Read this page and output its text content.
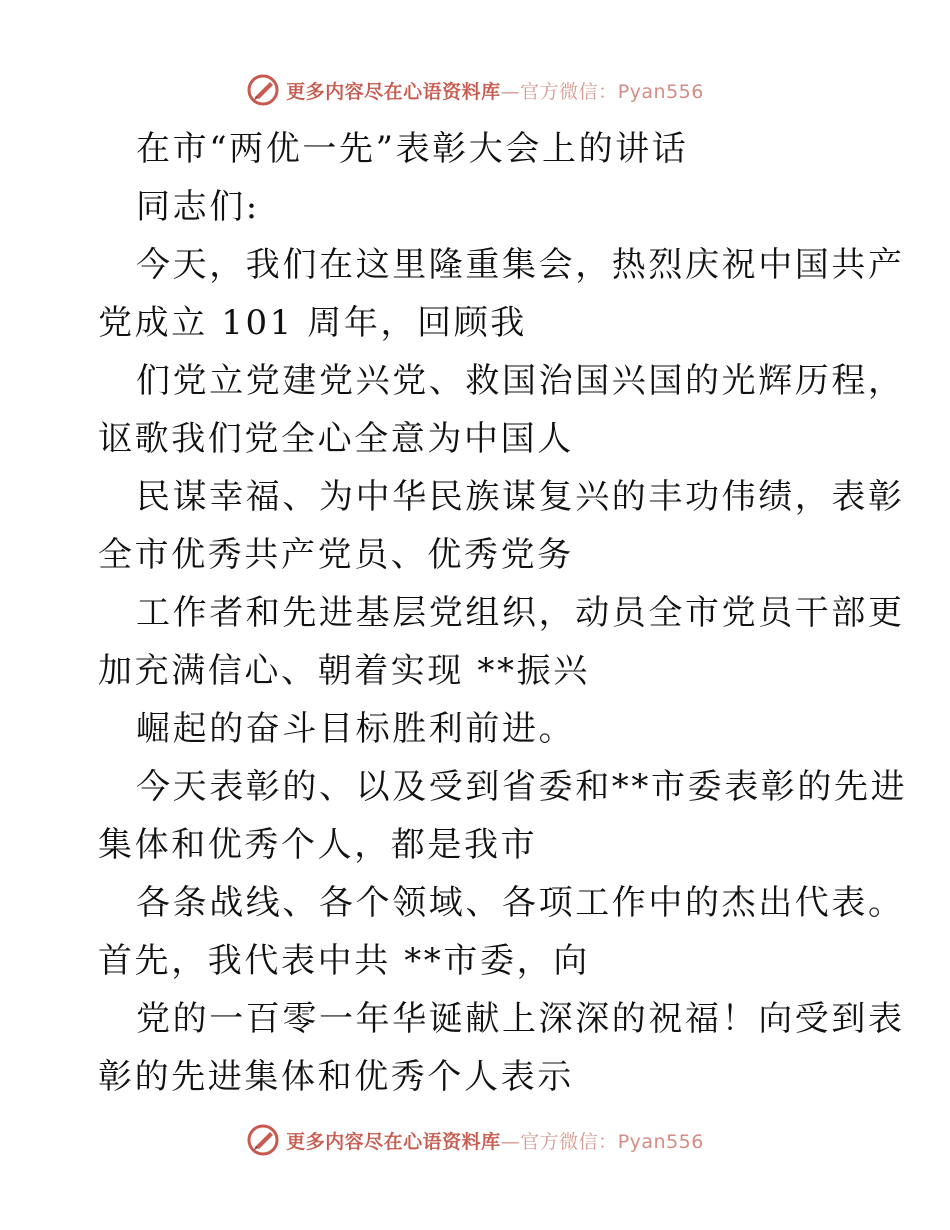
更多内容尽在心语资料库—官方微信：Pyan556
在市“两优一先”表彰大会上的讲话
同志们:
今天，我们在这里隆重集会，热烈庆祝中国共产
党成立 101 周年，回顾我
们党立党建党兴党、救国治国兴国的光辉历程，
讴歌我们党全心全意为中国人
民谋幸福、为中华民族谋复兴的丰功伟绩，表彰
全市优秀共产党员、优秀党务
工作者和先进基层党组织，动员全市党员干部更
加充满信心、朝着实现 **振兴
崛起的奋斗目标胜利前进。
今天表彰的、以及受到省委和**市委表彰的先进
集体和优秀个人，都是我市
各条战线、各个领域、各项工作中的杰出代表。
首先，我代表中共 **市委，向
党的一百零一年华诞献上深深的祝福！向受到表
彰的先进集体和优秀个人表示
更多内容尽在心语资料库—官方微信：Pyan556
